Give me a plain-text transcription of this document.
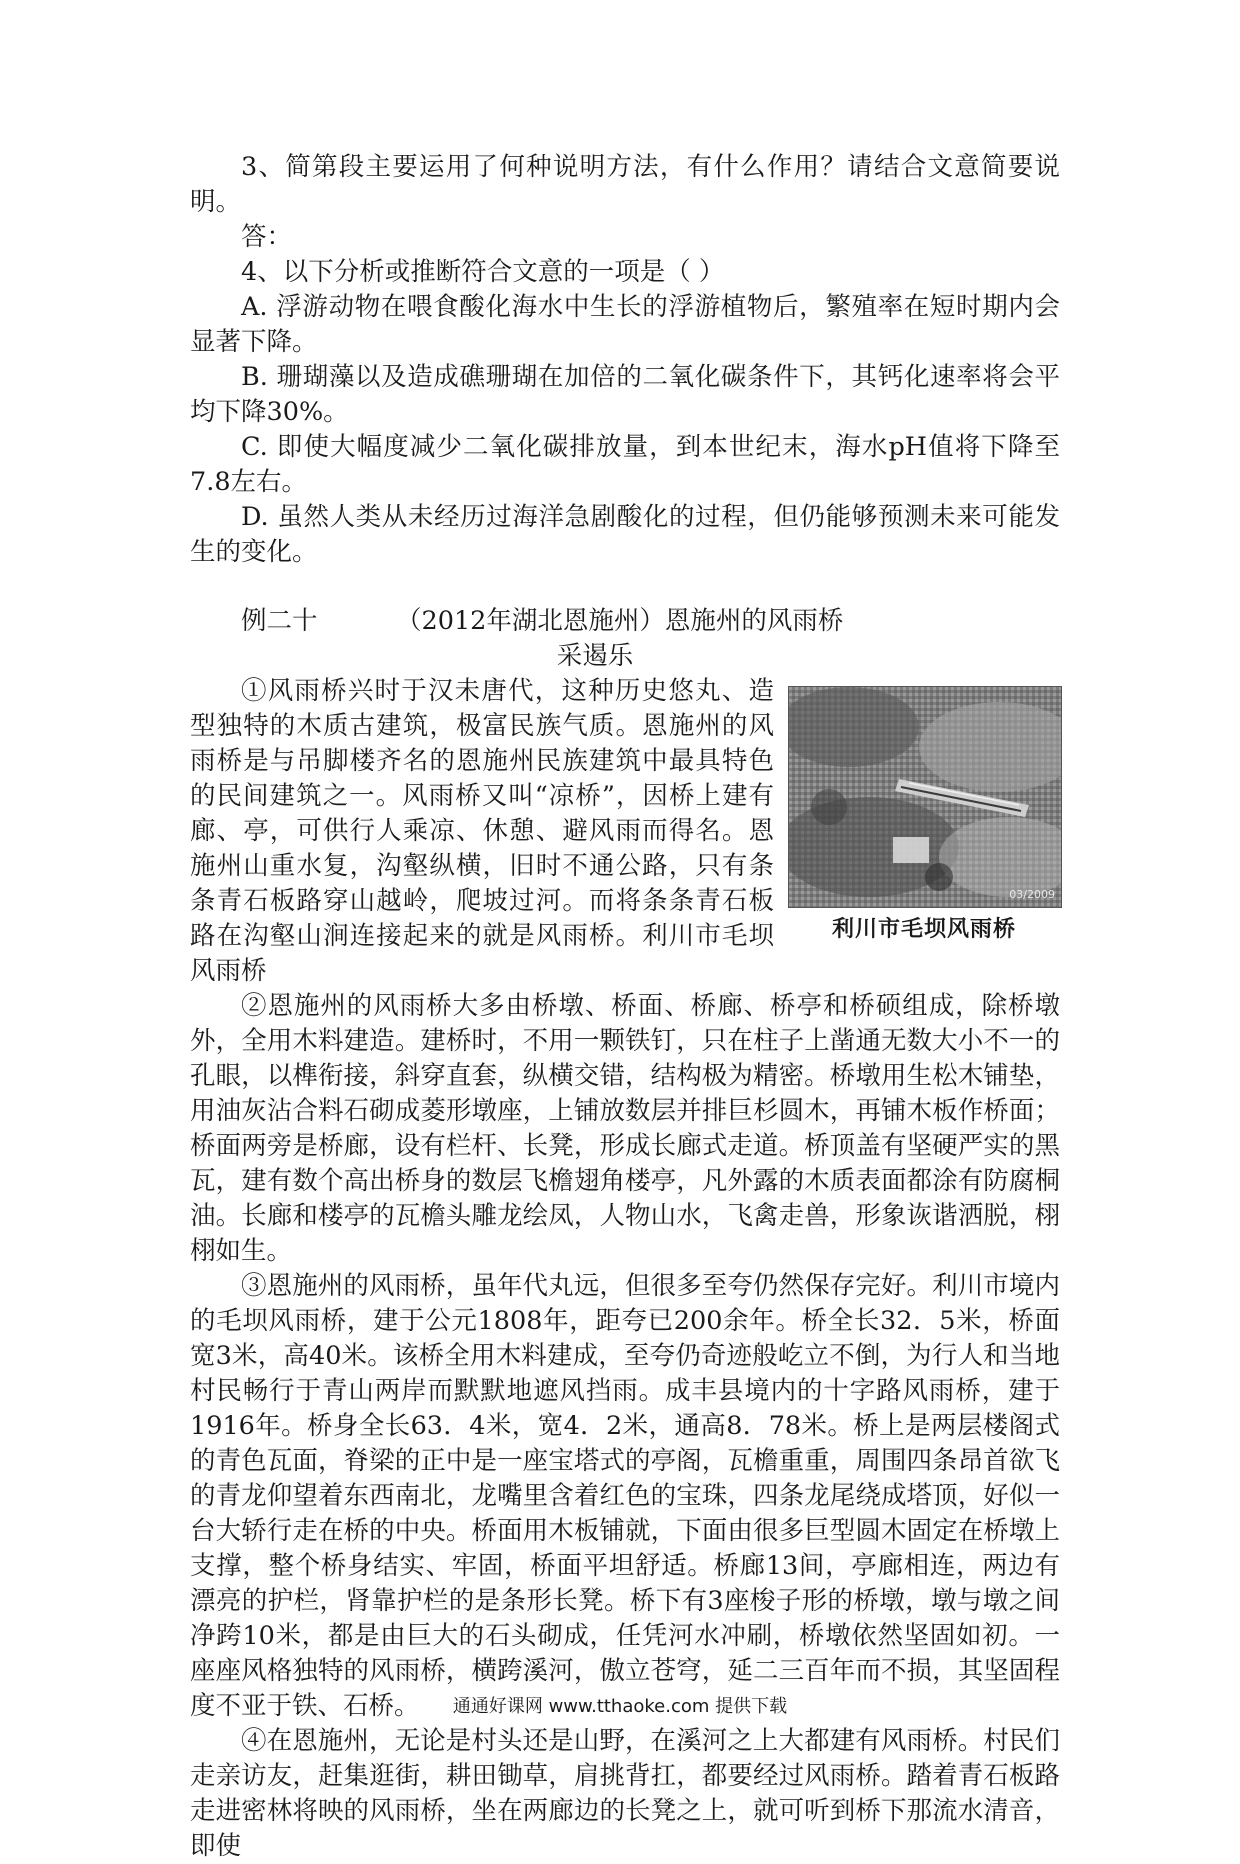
3、简第段主要运用了何种说明方法，有什么作用？请结合文意简要说明。

答：

4、以下分析或推断符合文意的一项是（ ）

A. 浮游动物在喂食酸化海水中生长的浮游植物后，繁殖率在短时期内会显著下降。

B. 珊瑚藻以及造成礁珊瑚在加倍的二氧化碳条件下，其钙化速率将会平均下降30%。

C. 即使大幅度减少二氧化碳排放量，到本世纪末，海水pH值将下降至7.8左右。

D. 虽然人类从未经历过海洋急剧酸化的过程，但仍能够预测未来可能发生的变化。

例二十	（2012年湖北恩施州）恩施州的风雨桥
采遏乐
03/2009
利川市毛坝风雨桥

①风雨桥兴时于汉未唐代，这种历史悠丸、造型独特的木质古建筑，极富民族气质。恩施州的风雨桥是与吊脚楼齐名的恩施州民族建筑中最具特色的民间建筑之一。风雨桥又叫“凉桥”，因桥上建有廊、亭，可供行人乘凉、休憩、避风雨而得名。恩施州山重水复，沟壑纵横，旧时不通公路，只有条条青石板路穿山越岭，爬坡过河。而将条条青石板路在沟壑山涧连接起来的就是风雨桥。利川市毛坝风雨桥

②恩施州的风雨桥大多由桥墩、桥面、桥廊、桥亭和桥硕组成，除桥墩外，全用木料建造。建桥时，不用一颗铁钉，只在柱子上凿通无数大小不一的孔眼，以榫衔接，斜穿直套，纵横交错，结构极为精密。桥墩用生松木铺垫，用油灰沾合料石砌成菱形墩座，上铺放数层并排巨杉圆木，再铺木板作桥面；桥面两旁是桥廊，设有栏杆、长凳，形成长廊式走道。桥顶盖有坚硬严实的黑瓦，建有数个高出桥身的数层飞檐翅角楼亭，凡外露的木质表面都涂有防腐桐油。长廊和楼亭的瓦檐头雕龙绘凤，人物山水，飞禽走兽，形象诙谐洒脱，栩栩如生。

③恩施州的风雨桥，虽年代丸远，但很多至夸仍然保存完好。利川市境内的毛坝风雨桥，建于公元1808年，距夸已200余年。桥全长32．5米，桥面宽3米，高40米。该桥全用木料建成，至夸仍奇迹般屹立不倒，为行人和当地村民畅行于青山两岸而默默地遮风挡雨。成丰县境内的十字路风雨桥，建于1916年。桥身全长63．4米，宽4．2米，通高8．78米。桥上是两层楼阁式的青色瓦面，脊梁的正中是一座宝塔式的亭阁，瓦檐重重，周围四条昂首欲飞的青龙仰望着东西南北，龙嘴里含着红色的宝珠，四条龙尾绕成塔顶，好似一台大轿行走在桥的中央。桥面用木板铺就，下面由很多巨型圆木固定在桥墩上支撑，整个桥身结实、牢固，桥面平坦舒适。桥廊13间，亭廊相连，两边有漂亮的护栏，肾靠护栏的是条形长凳。桥下有3座梭子形的桥墩，墩与墩之间净跨10米，都是由巨大的石头砌成，任凭河水冲刷，桥墩依然坚固如初。一座座风格独特的风雨桥，横跨溪河，傲立苍穹，延二三百年而不损，其坚固程度不亚于铁、石桥。

④在恩施州，无论是村头还是山野，在溪河之上大都建有风雨桥。村民们走亲访友，赶集逛街，耕田锄草，肩挑背扛，都要经过风雨桥。踏着青石板路走进密林将映的风雨桥，坐在两廊边的长凳之上，就可听到桥下那流水清音，即使

通通好课网 www.tthaoke.com 提供下载
